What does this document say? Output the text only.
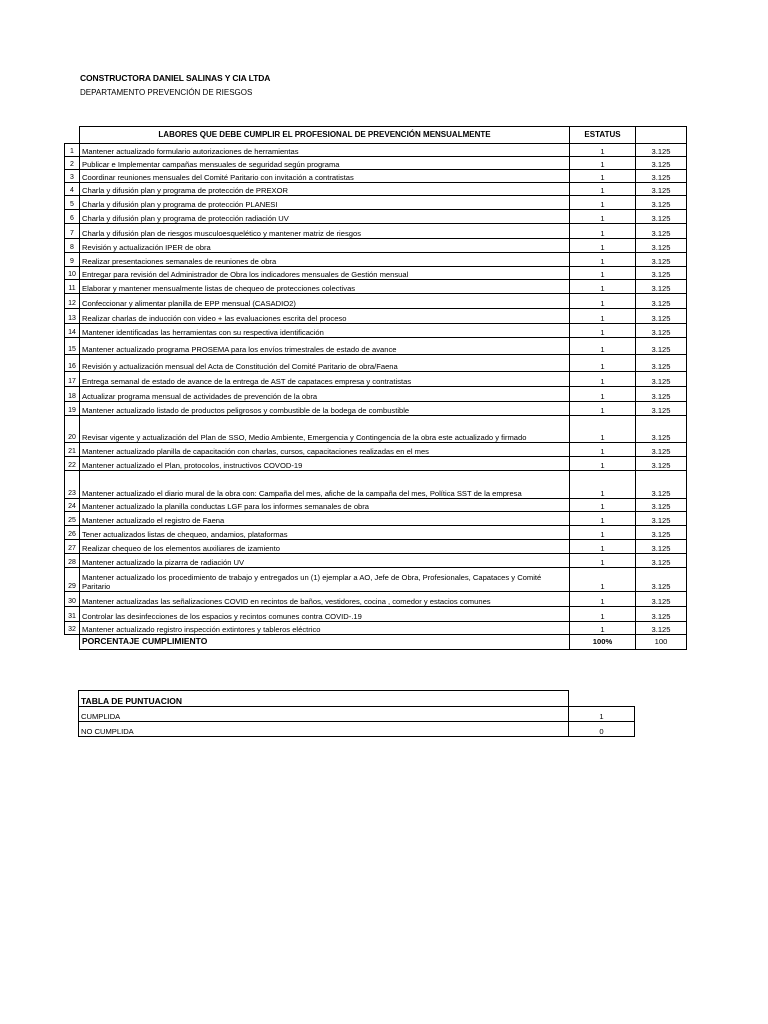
CONSTRUCTORA DANIEL SALINAS Y CIA LTDA
DEPARTAMENTO PREVENCIÓN DE RIESGOS
	LABORES QUE DEBE CUMPLIR EL PROFESIONAL DE PREVENCIÓN MENSUALMENTE	ESTATUS	
1	Mantener actualizado formulario autorizaciones de herramientas	1	3.125
2	Publicar e Implementar campañas mensuales de seguridad según programa	1	3.125
3	Coordinar reuniones mensuales del Comité Paritario con invitación a contratistas	1	3.125
4	Charla y difusión plan y programa de protección de PREXOR	1	3.125
5	Charla y difusión plan y programa de protección PLANESI	1	3.125
6	Charla y difusión plan y programa de protección radiación UV	1	3.125
7	Charla y difusión plan de riesgos musculoesquelético y mantener matriz de riesgos	1	3.125
8	Revisión y actualización IPER de obra	1	3.125
9	Realizar presentaciones semanales de reuniones de obra	1	3.125
10	Entregar para revisión del Administrador de Obra los indicadores mensuales de Gestión mensual	1	3.125
11	Elaborar y mantener mensualmente listas de chequeo de protecciones colectivas	1	3.125
12	Confeccionar y alimentar planilla de EPP mensual (CASADIO2)	1	3.125
13	Realizar charlas de inducción con video + las evaluaciones escrita del proceso	1	3.125
14	Mantener identificadas las herramientas con su respectiva identificación	1	3.125
15	Mantener actualizado programa PROSEMA para los envíos trimestrales de estado de avance	1	3.125
16	Revisión y actualización mensual del Acta de Constitución del Comité Paritario de obra/Faena	1	3.125
17	Entrega semanal de estado de avance de la entrega de AST de capataces empresa y contratistas	1	3.125
18	Actualizar programa mensual de actividades de prevención de la obra	1	3.125
19	Mantener actualizado listado de productos peligrosos y combustible de la bodega de combustible	1	3.125
20	Revisar vigente y actualización del Plan de SSO, Medio Ambiente, Emergencia y Contingencia de la obra este actualizado y firmado	1	3.125
21	Mantener actualizado planilla de capacitación con charlas, cursos, capacitaciones realizadas en el mes	1	3.125
22	Mantener actualizado el Plan, protocolos, instructivos COVOD-19	1	3.125
23	Mantener actualizado el diario mural de la obra con: Campaña del mes, afiche de la campaña del mes, Política SST de la empresa	1	3.125
24	Mantener actualizado la planilla conductas LGF para los informes semanales de obra	1	3.125
25	Mantener actualizado el registro de Faena	1	3.125
26	Tener actualizados listas de chequeo, andamios, plataformas	1	3.125
27	Realizar chequeo de los elementos auxiliares de izamiento	1	3.125
28	Mantener actualizado la pizarra de radiación UV	1	3.125
29	Mantener actualizado los procedimiento de trabajo y entregados un (1) ejemplar a AO, Jefe de Obra, Profesionales, Capataces y Comité Paritario	1	3.125
30	Mantener actualizadas las señalizaciones COVID en recintos de baños, vestidores, cocina , comedor y estacios comunes	1	3.125
31	Controlar las desinfecciones de los espacios y recintos comunes contra COVID-.19	1	3.125
32	Mantener actualizado registro inspección extintores y tableros eléctrico	1	3.125
	PORCENTAJE CUMPLIMIENTO	100%	100
TABLA DE PUNTUACION	
CUMPLIDA	1
NO CUMPLIDA	0
